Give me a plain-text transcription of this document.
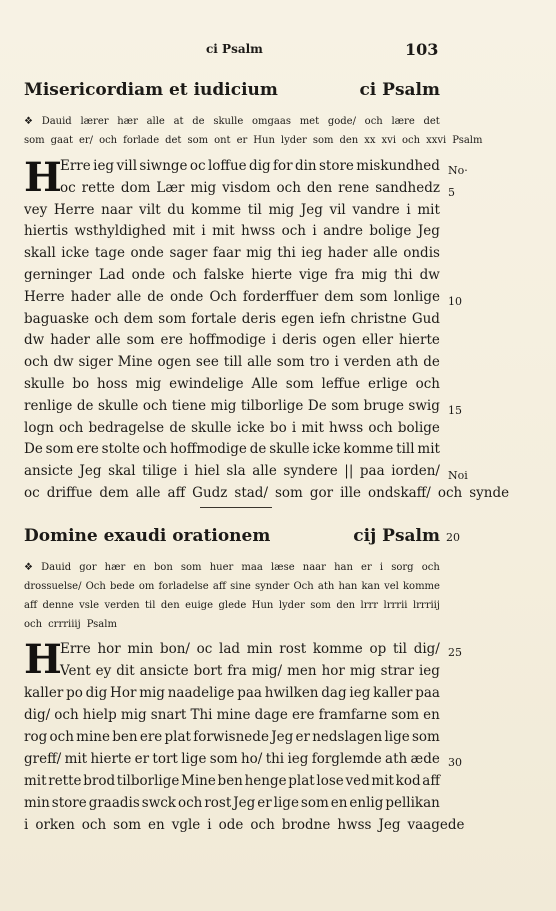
ci Psalm	103
Misericordiam et iudicium	ci Psalm
❖ Dauid lærer hær alle at de skulle omgaas met gode/ och lære det
som gaat er/ och forlade det som ont er Hun lyder som den xx xvi och xxvi Psalm
H
Erre ieg vill siwnge oc loffue dig for din store miskundhed No·
oc rette dom Lær mig visdom och den rene sandhedz 5
vey Herre naar vilt du komme til mig Jeg vil vandre i mit
hiertis wsthyldighed mit i mit hwss och i andre bolige Jeg
skall icke tage onde sager faar mig thi ieg hader alle ondis
gerninger Lad onde och falske hierte vige fra mig thi dw
Herre hader alle de onde Och forderffuer dem som lonlige 10
baguaske och dem som fortale deris egen iefn christne Gud
dw hader alle som ere hoffmodige i deris ogen eller hierte
och dw siger Mine ogen see till alle som tro i verden ath de
skulle bo hoss mig ewindelige Alle som leffue erlige och
renlige de skulle och tiene mig tilborlige De som bruge swig 15
logn och bedragelse de skulle icke bo i mit hwss och bolige
De som ere stolte och hoffmodige de skulle icke komme till mit
ansicte Jeg skal tilige i hiel sla alle syndere || paa iorden/ Noi
oc driffue dem alle aff Gudz stad/ som gor ille ondskaff/ och synde
Domine exaudi orationem	cij Psalm 20
❖ Dauid gor hær en bon som huer maa læse naar han er i sorg och
drossuelse/ Och bede om forladelse aff sine synder Och ath han kan vel komme
aff denne vsle verden til den euige glede Hun lyder som den lrrr lrrrii lrrriij
och crrriiij Psalm
H
Erre hor min bon/ oc lad min rost komme op til dig/ 25
Vent ey dit ansicte bort fra mig/ men hor mig strar ieg
kaller po dig Hor mig naadelige paa hwilken dag ieg kaller paa
dig/ och hielp mig snart Thi mine dage ere framfarne som en
rog och mine ben ere plat forwisnede Jeg er nedslagen lige som
greff/ mit hierte er tort lige som ho/ thi ieg forglemde ath æde 30
mit rette brod tilborlige Mine ben henge plat lose ved mit kod aff
min store graadis swck och rost Jeg er lige som en enlig pellikan
i orken och som en vgle i ode och brodne hwss Jeg vaagede
